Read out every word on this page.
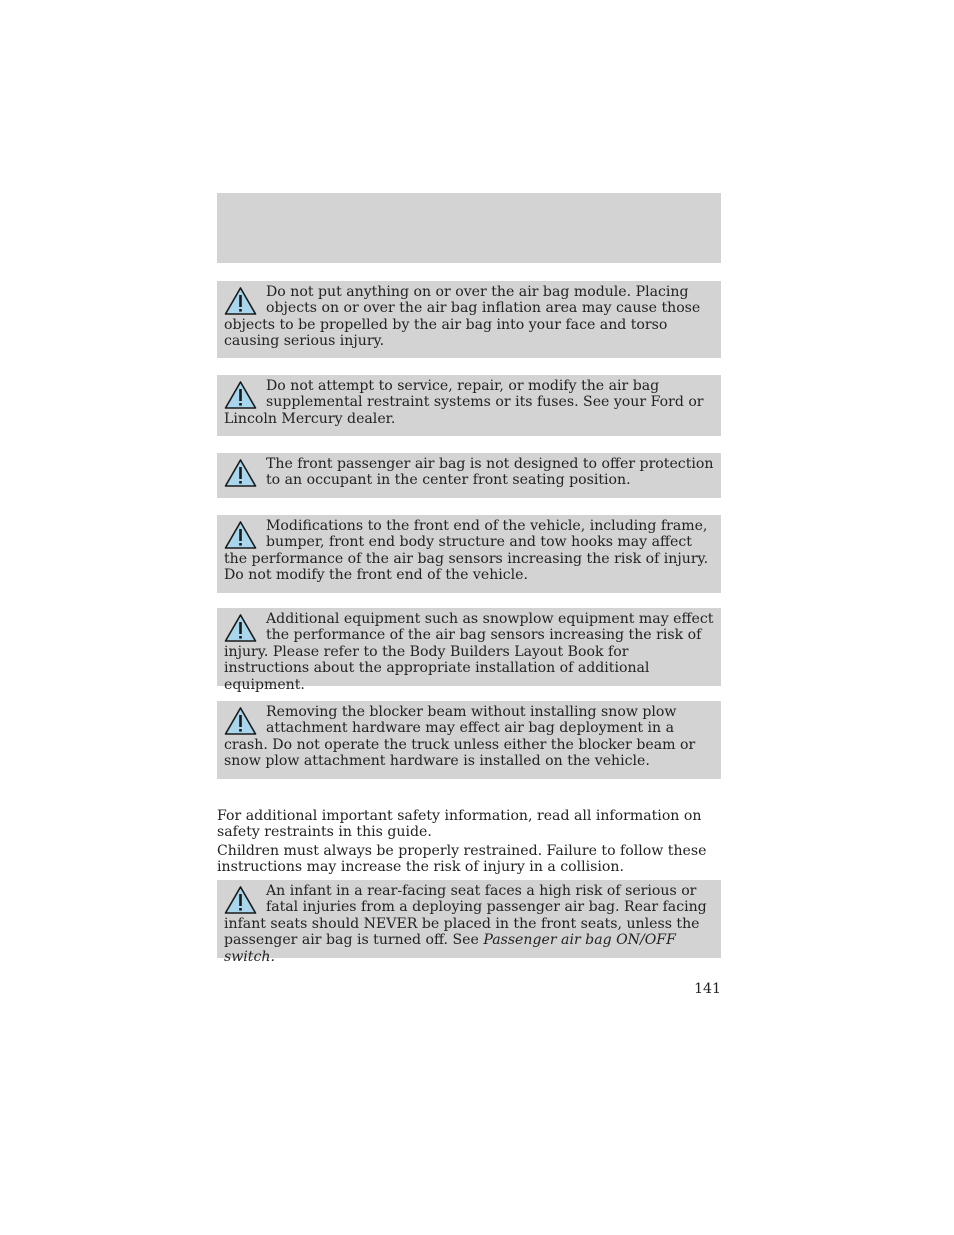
Do not put anything on or over the air bag module. Placing objects on or over the air bag inflation area may cause those objects to be propelled by the air bag into your face and torso causing serious injury.

Do not attempt to service, repair, or modify the air bag supplemental restraint systems or its fuses. See your Ford or Lincoln Mercury dealer.

The front passenger air bag is not designed to offer protection to an occupant in the center front seating position.

Modifications to the front end of the vehicle, including frame, bumper, front end body structure and tow hooks may affect the performance of the air bag sensors increasing the risk of injury. Do not modify the front end of the vehicle.

Additional equipment such as snowplow equipment may effect the performance of the air bag sensors increasing the risk of injury. Please refer to the Body Builders Layout Book for instructions about the appropriate installation of additional equipment.

Removing the blocker beam without installing snow plow attachment hardware may effect air bag deployment in a crash. Do not operate the truck unless either the blocker beam or snow plow attachment hardware is installed on the vehicle.

For additional important safety information, read all information on safety restraints in this guide.

Children must always be properly restrained. Failure to follow these instructions may increase the risk of injury in a collision.

An infant in a rear-facing seat faces a high risk of serious or fatal injuries from a deploying passenger air bag. Rear facing infant seats should NEVER be placed in the front seats, unless the passenger air bag is turned off. See Passenger air bag ON/OFF switch.

141
